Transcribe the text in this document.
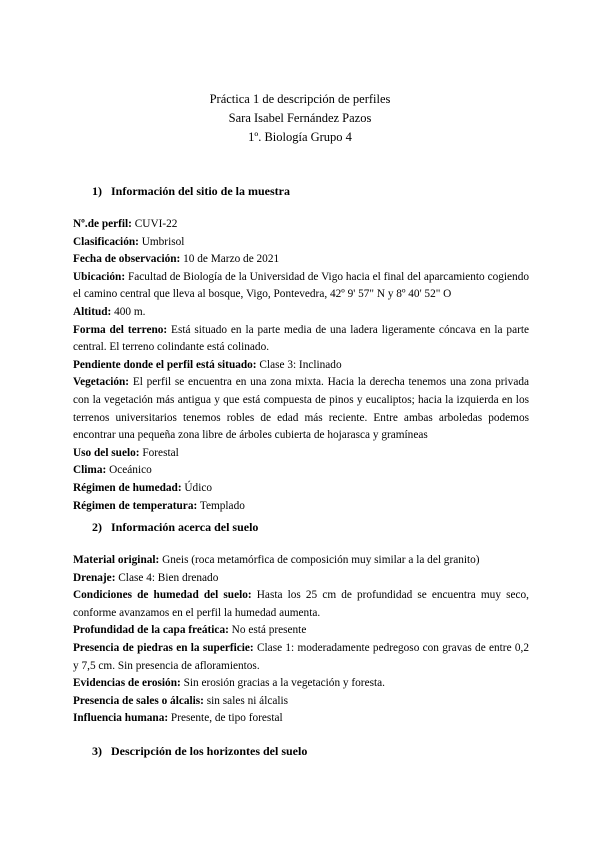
Práctica 1 de descripción de perfiles
Sara Isabel Fernández Pazos
1º. Biología Grupo 4
1) Información del sitio de la muestra

Nº.de perfil: CUVI-22

Clasificación: Umbrisol

Fecha de observación: 10 de Marzo de 2021

Ubicación: Facultad de Biología de la Universidad de Vigo hacia el final del aparcamiento cogiendo el camino central que lleva al bosque, Vigo, Pontevedra, 42º 9' 57" N y 8º 40' 52" O

Altitud: 400 m.

Forma del terreno: Está situado en la parte media de una ladera ligeramente cóncava en la parte central. El terreno colindante está colinado.

Pendiente donde el perfil está situado: Clase 3: Inclinado

Vegetación: El perfil se encuentra en una zona mixta. Hacia la derecha tenemos una zona privada con la vegetación más antigua y que está compuesta de pinos y eucaliptos; hacia la izquierda en los terrenos universitarios tenemos robles de edad más reciente. Entre ambas arboledas podemos encontrar una pequeña zona libre de árboles cubierta de hojarasca y gramíneas

Uso del suelo: Forestal

Clima: Oceánico

Régimen de humedad: Údico

Régimen de temperatura: Templado

2) Información acerca del suelo

Material original: Gneis (roca metamórfica de composición muy similar a la del granito)

Drenaje: Clase 4: Bien drenado

Condiciones de humedad del suelo: Hasta los 25 cm de profundidad se encuentra muy seco, conforme avanzamos en el perfil la humedad aumenta.

Profundidad de la capa freática: No está presente

Presencia de piedras en la superficie: Clase 1: moderadamente pedregoso con gravas de entre 0,2 y 7,5 cm. Sin presencia de afloramientos.

Evidencias de erosión: Sin erosión gracias a la vegetación y foresta.

Presencia de sales o álcalis: sin sales ni álcalis

Influencia humana: Presente, de tipo forestal

3) Descripción de los horizontes del suelo
